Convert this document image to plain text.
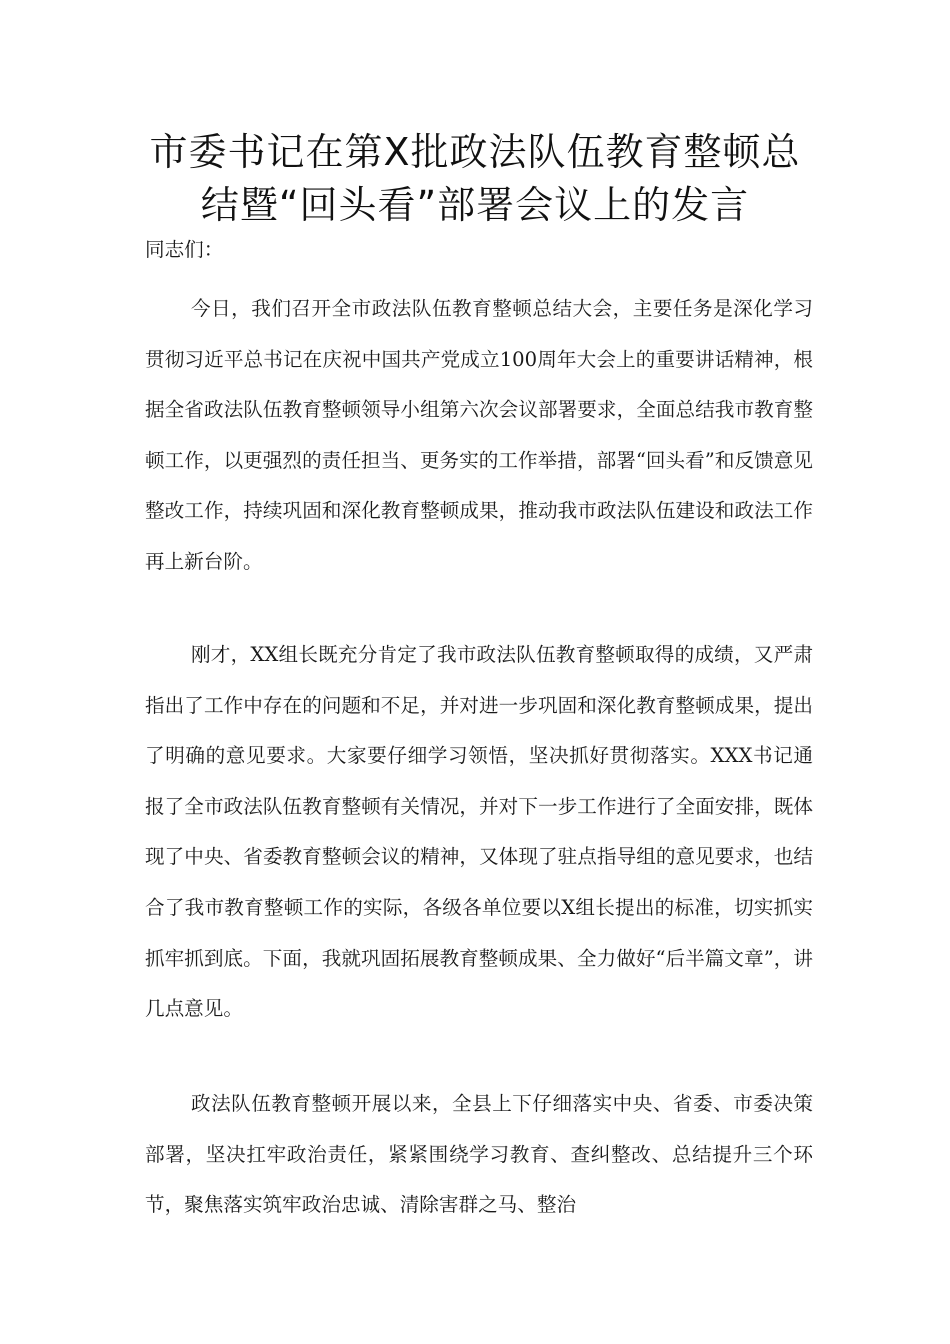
市委书记在第Ⅹ批政法队伍教育整顿总结暨“回头看”部署会议上的发言

同志们：

今日，我们召开全市政法队伍教育整顿总结大会，主要任务是深化学习贯彻习近平总书记在庆祝中国共产党成立100周年大会上的重要讲话精神，根据全省政法队伍教育整顿领导小组第六次会议部署要求，全面总结我市教育整顿工作，以更强烈的责任担当、更务实的工作举措，部署“回头看”和反馈意见整改工作，持续巩固和深化教育整顿成果，推动我市政法队伍建设和政法工作再上新台阶。

刚才，XX组长既充分肯定了我市政法队伍教育整顿取得的成绩，又严肃指出了工作中存在的问题和不足，并对进一步巩固和深化教育整顿成果，提出了明确的意见要求。大家要仔细学习领悟，坚决抓好贯彻落实。XXX书记通报了全市政法队伍教育整顿有关情况，并对下一步工作进行了全面安排，既体现了中央、省委教育整顿会议的精神，又体现了驻点指导组的意见要求，也结合了我市教育整顿工作的实际，各级各单位要以X组长提出的标准，切实抓实抓牢抓到底。下面，我就巩固拓展教育整顿成果、全力做好“后半篇文章”，讲几点意见。

政法队伍教育整顿开展以来，全县上下仔细落实中央、省委、市委决策部署，坚决扛牢政治责任，紧紧围绕学习教育、查纠整改、总结提升三个环节，聚焦落实筑牢政治忠诚、清除害群之马、整治
